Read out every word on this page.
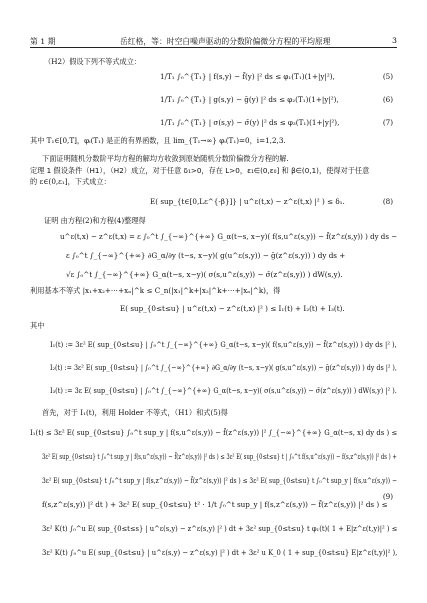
第 1 期	岳红格，等：时空白噪声驱动的分数阶偏微分方程的平均原理	3
（H2）假设下列不等式成立：
1/T₁ ∫₀^{T₁} | f(s,y) − f̄(y) |² ds ≤ φ₁(T₁)(1+|y|²),	(5)
1/T₁ ∫₀^{T₁} | g(s,y) − ḡ(y) |² ds ≤ φ₂(T₁)(1+|y|²),	(6)
1/T₁ ∫₀^{T₁} | σ(s,y) − σ̄(y) |² ds ≤ φ₃(T₁)(1+|y|²),	(7)
其中 T₁∈[0,T]，φᵢ(T₁) 是正的有界函数，且 lim_{T₁→∞} φᵢ(T₁)=0，i=1,2,3.
下面证明随机分数阶平均方程的解均方收敛到原始随机分数阶偏微分方程的解.
定理 1 假设条件（H1），（H2）成立，对于任意 δ₁>0，存在 L>0，ε₁∈(0,ε₀] 和 β∈(0,1)，使得对于任意
的 ε∈(0,ε₁]，下式成立：
E( sup_{t∈[0,Lε^{-β}]} | u^ε(t,x) − z^ε(t,x) |² ) ≤ δ₁.	(8)
证明 由方程(2)和方程(4)整理得
u^ε(t,x) − z^ε(t,x) = ε ∫₀^t ∫_{−∞}^{+∞} G_α(t−s, x−y)( f(s,u^ε(s,y)) − f̄(z^ε(s,y)) ) dy ds −
ε ∫₀^t ∫_{−∞}^{+∞} ∂G_α/∂y (t−s, x−y)( g(u^ε(s,y)) − ḡ(z^ε(s,y)) ) dy ds +
√ε ∫₀^t ∫_{−∞}^{+∞} G_α(t−s, x−y)( σ(s,u^ε(s,y)) − σ̄(z^ε(s,y)) ) dW(s,y).
利用基本不等式 |x₁+x₂+⋯+xₙ|^k ≤ C_n(|x₁|^k+|x₂|^k+⋯+|xₙ|^k)，得
E( sup_{0≤t≤u} | u^ε(t,x) − z^ε(t,x) |² ) ≤ I₁(t) + I₂(t) + I₃(t).
其中
I₁(t) := 3ε² E( sup_{0≤t≤u} | ∫₀^t ∫_{−∞}^{+∞} G_α(t−s, x−y)( f(s,u^ε(s,y)) − f̄(z^ε(s,y)) ) dy ds |² ),
I₂(t) := 3ε² E( sup_{0≤t≤u} | ∫₀^t ∫_{−∞}^{+∞} ∂G_α/∂y (t−s, x−y)( g(s,u^ε(s,y)) − ḡ(z^ε(s,y)) ) dy ds |² ),
I₃(t) := 3ε E( sup_{0≤t≤u} | ∫₀^t ∫_{−∞}^{+∞} G_α(t−s, x−y)( σ(s,u^ε(s,y)) − σ̄(z^ε(s,y)) ) dW(s,y) |² ).
首先，对于 I₁(t)，利用 Holder 不等式，（H1）和式(5)得
I₁(t) ≤ 3ε² E( sup_{0≤t≤u} ∫₀^t sup_y | f(s,u^ε(s,y)) − f̄(z^ε(s,y)) |² ∫_{−∞}^{+∞} G_α(t−s, x) dy ds ) ≤
3ε² E( sup_{0≤t≤u} t ∫₀^t sup_y | f(s,u^ε(s,y)) − f̄(z^ε(s,y)) |² ds ) ≤ 3ε² E( sup_{0≤t≤u} t | ∫₀^t f(s,u^ε(s,y)) − f(s,z^ε(s,y)) |² ds ) +
3ε² E( sup_{0≤t≤u} t ∫₀^t sup_y | f(s,z^ε(s,y)) − f̄(z^ε(s,y)) |² ds ) ≤ 3ε² E( sup_{0≤t≤u} t ∫₀^t sup_y | f(s,u^ε(s,y)) −
f(s,z^ε(s,y)) |² dt ) + 3ε² E( sup_{0≤t≤u} t² · 1/t ∫₀^t sup_y | f(s,z^ε(s,y)) − f̄(z^ε(s,y)) |² ds ) ≤
(9)
3ε² K(t) ∫₀^u E( sup_{0≤t≤s} | u^ε(s,y) − z^ε(s,y) |² ) dt + 3ε² sup_{0≤t≤u} t φ₁(t)( 1 + E|z^ε(t,y)|² ) ≤
3ε² K(t) ∫₀^u E( sup_{0≤t≤u} | u^ε(s,y) − z^ε(s,y) |² ) dt + 3ε² u K_0 ( 1 + sup_{0≤t≤u} E|z^ε(t,y)|² ),
